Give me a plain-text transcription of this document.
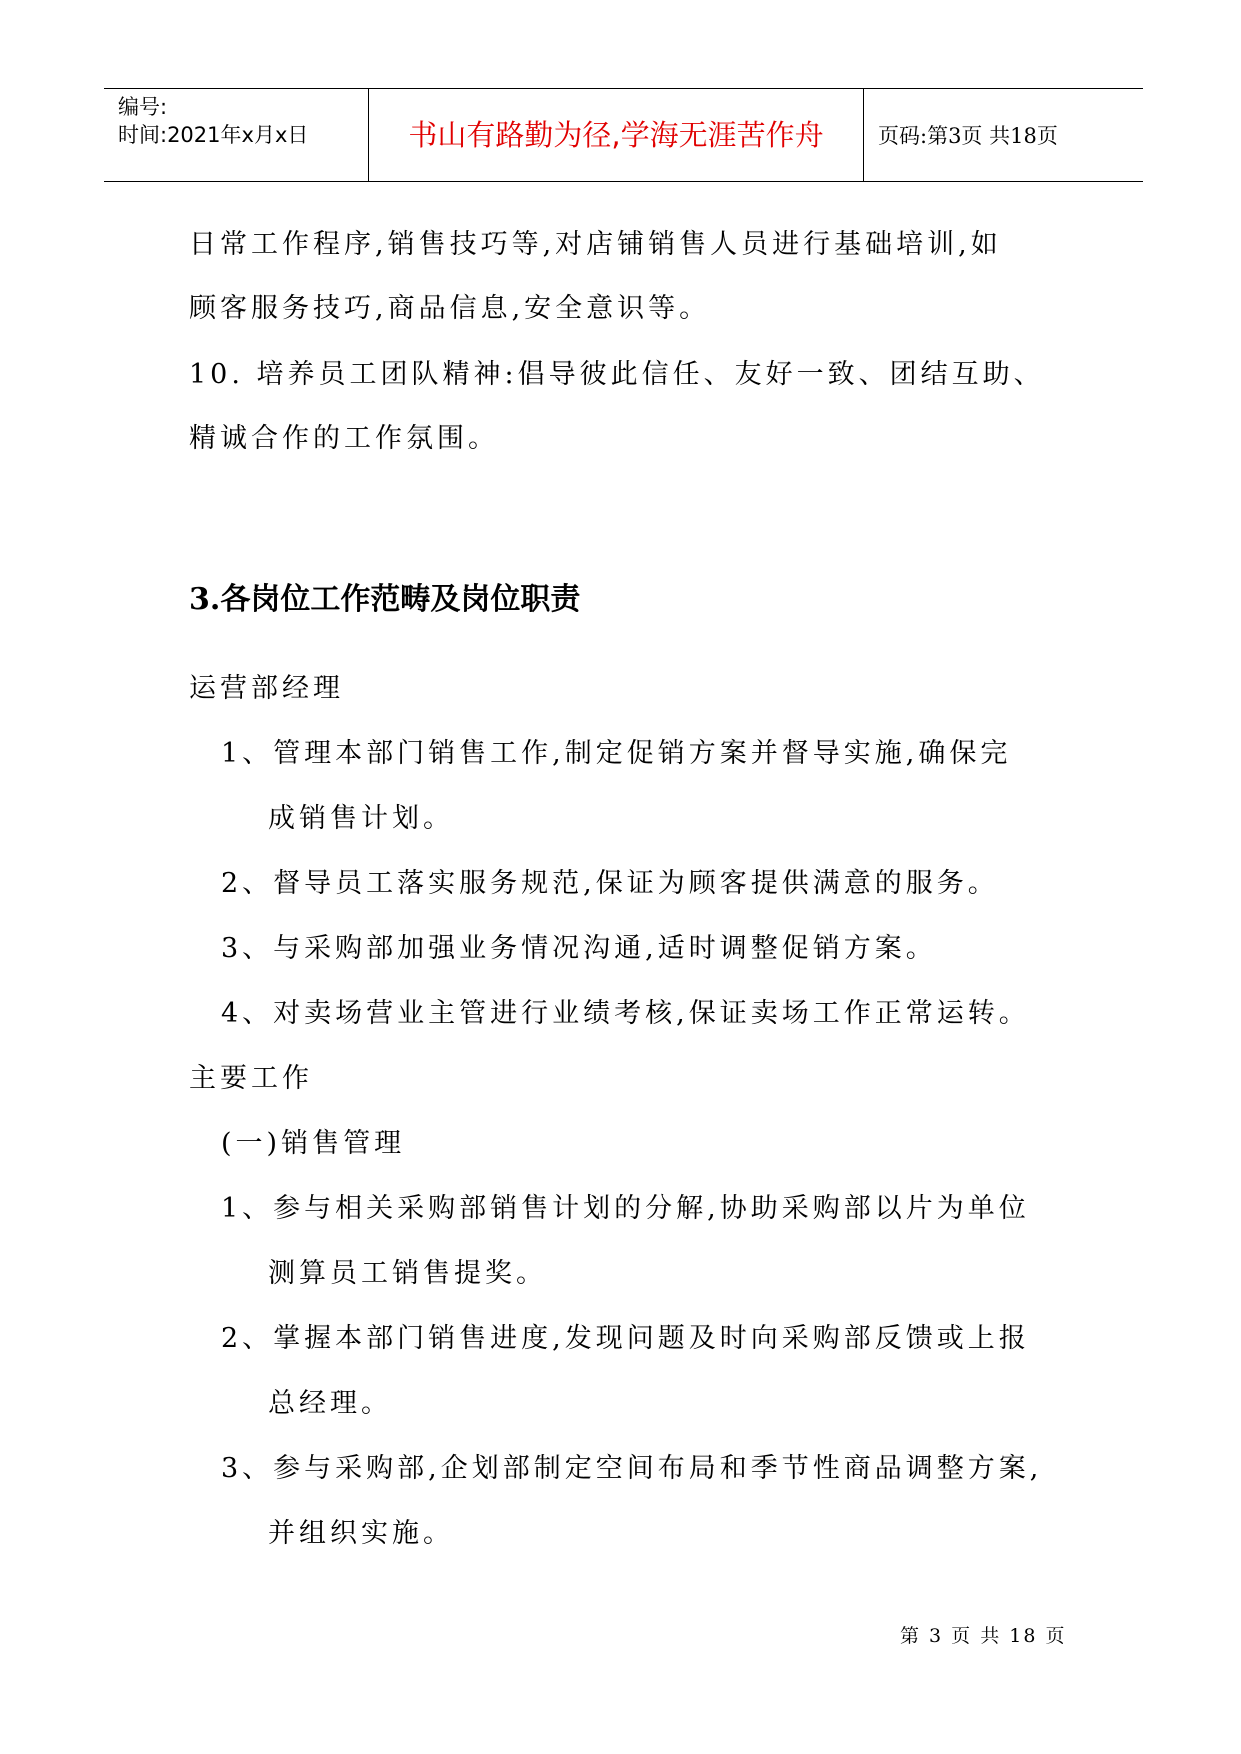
编号:
时间:2021年x月x日	书山有路勤为径,学海无涯苦作舟	页码:第3页 共18页
日常工作程序,销售技巧等,对店铺销售人员进行基础培训,如
顾客服务技巧,商品信息,安全意识等。
10. 培养员工团队精神:倡导彼此信任、友好一致、团结互助、
精诚合作的工作氛围。
3.各岗位工作范畴及岗位职责
运营部经理
1、管理本部门销售工作,制定促销方案并督导实施,确保完
成销售计划。
2、督导员工落实服务规范,保证为顾客提供满意的服务。
3、与采购部加强业务情况沟通,适时调整促销方案。
4、对卖场营业主管进行业绩考核,保证卖场工作正常运转。
主要工作
(一)销售管理
1、参与相关采购部销售计划的分解,协助采购部以片为单位
测算员工销售提奖。
2、掌握本部门销售进度,发现问题及时向采购部反馈或上报
总经理。
3、参与采购部,企划部制定空间布局和季节性商品调整方案,
并组织实施。
第 3 页 共 18 页
